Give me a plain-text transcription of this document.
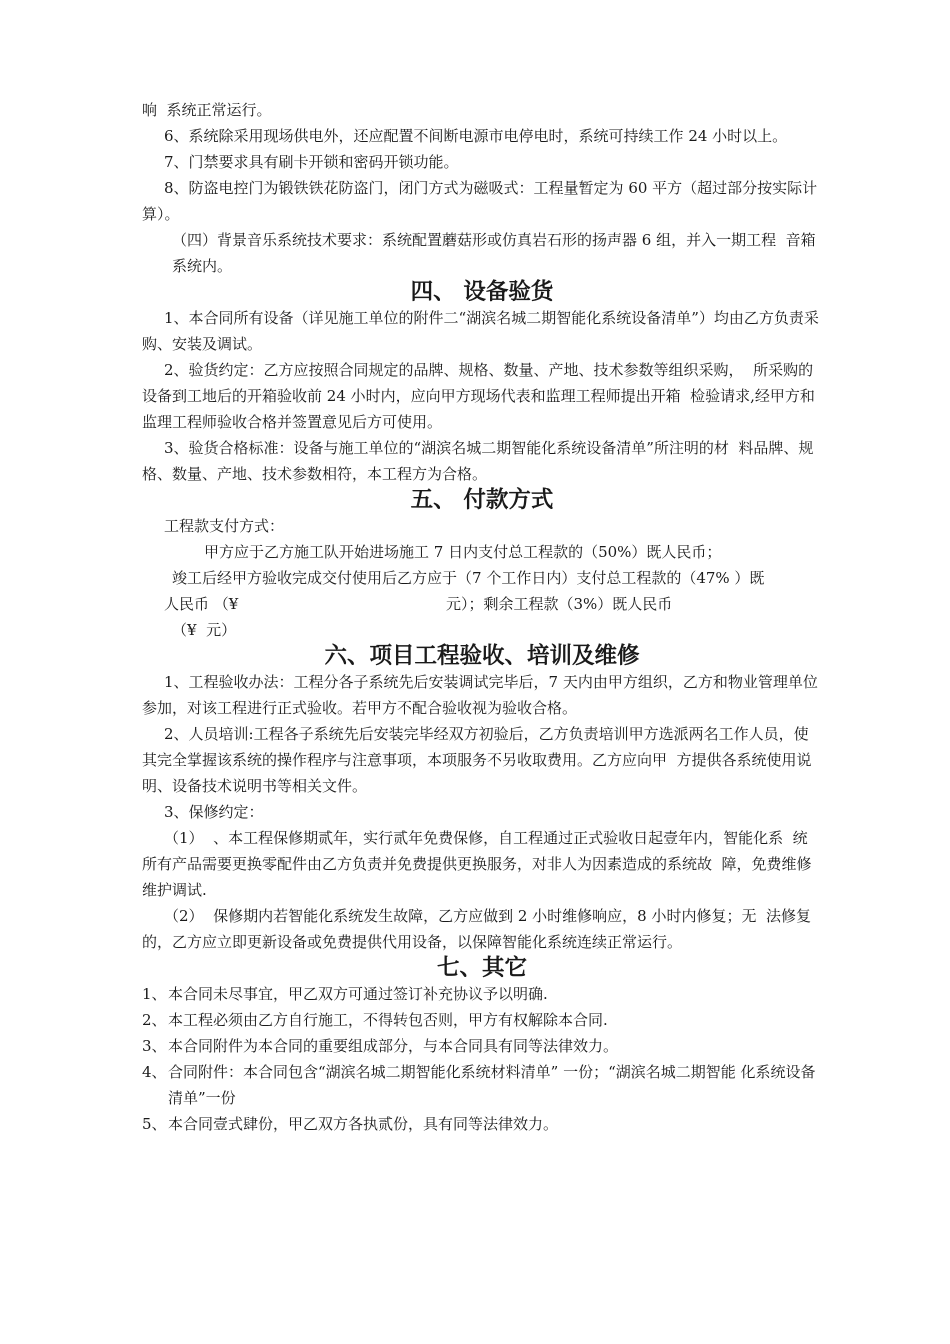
响  系统正常运行。

6、系统除采用现场供电外，还应配置不间断电源市电停电时，系统可持续工作 24 小时以上。

7、门禁要求具有刷卡开锁和密码开锁功能。

8、防盗电控门为锻铁铁花防盗门，闭门方式为磁吸式：工程量暂定为 60 平方（超过部分按实际计算）。

（四）背景音乐系统技术要求：系统配置蘑菇形或仿真岩石形的扬声器 6 组，并入一期工程  音箱系统内。

四、 设备验货

1、本合同所有设备（详见施工单位的附件二“湖滨名城二期智能化系统设备清单”）均由乙方负责采购、安装及调试。

2、验货约定：乙方应按照合同规定的品牌、规格、数量、产地、技术参数等组织采购，  所采购的设备到工地后的开箱验收前 24 小时内，应向甲方现场代表和监理工程师提出开箱  检验请求,经甲方和监理工程师验收合格并签置意见后方可使用。

3、验货合格标准：设备与施工单位的“湖滨名城二期智能化系统设备清单”所注明的材  料品牌、规格、数量、产地、技术参数相符，本工程方为合格。

五、 付款方式

工程款支付方式：

甲方应于乙方施工队开始进场施工 7 日内支付总工程款的（50%）既人民币；

竣工后经甲方验收完成交付使用后乙方应于（7 个工作日内）支付总工程款的（47% ）既

人民币 （¥	元）；剩余工程款（3%）既人民币

（¥  元）

六、项目工程验收、培训及维修

1、工程验收办法：工程分各子系统先后安装调试完毕后，7 天内由甲方组织，乙方和物业管理单位参加，对该工程进行正式验收。若甲方不配合验收视为验收合格。

2、人员培训:工程各子系统先后安装完毕经双方初验后，乙方负责培训甲方选派两名工作人员，使其完全掌握该系统的操作程序与注意事项，本项服务不另收取费用。乙方应向甲  方提供各系统使用说明、设备技术说明书等相关文件。

3、保修约定：

（1）  、本工程保修期贰年，实行贰年免费保修，自工程通过正式验收日起壹年内，智能化系  统所有产品需要更换零配件由乙方负责并免费提供更换服务，对非人为因素造成的系统故  障，免费维修维护调试.

（2）  保修期内若智能化系统发生故障，乙方应做到 2 小时维修响应，8 小时内修复；无  法修复的，乙方应立即更新设备或免费提供代用设备，以保障智能化系统连续正常运行。

七、其它
1、 本合同未尽事宜，甲乙双方可通过签订补充协议予以明确.
2、 本工程必须由乙方自行施工，不得转包否则，甲方有权解除本合同.
3、 本合同附件为本合同的重要组成部分，与本合同具有同等法律效力。
4、 合同附件：本合同包含“湖滨名城二期智能化系统材料清单” 一份；“湖滨名城二期智能 化系统设备清单”一份
5、 本合同壹式肆份，甲乙双方各执贰份，具有同等法律效力。
